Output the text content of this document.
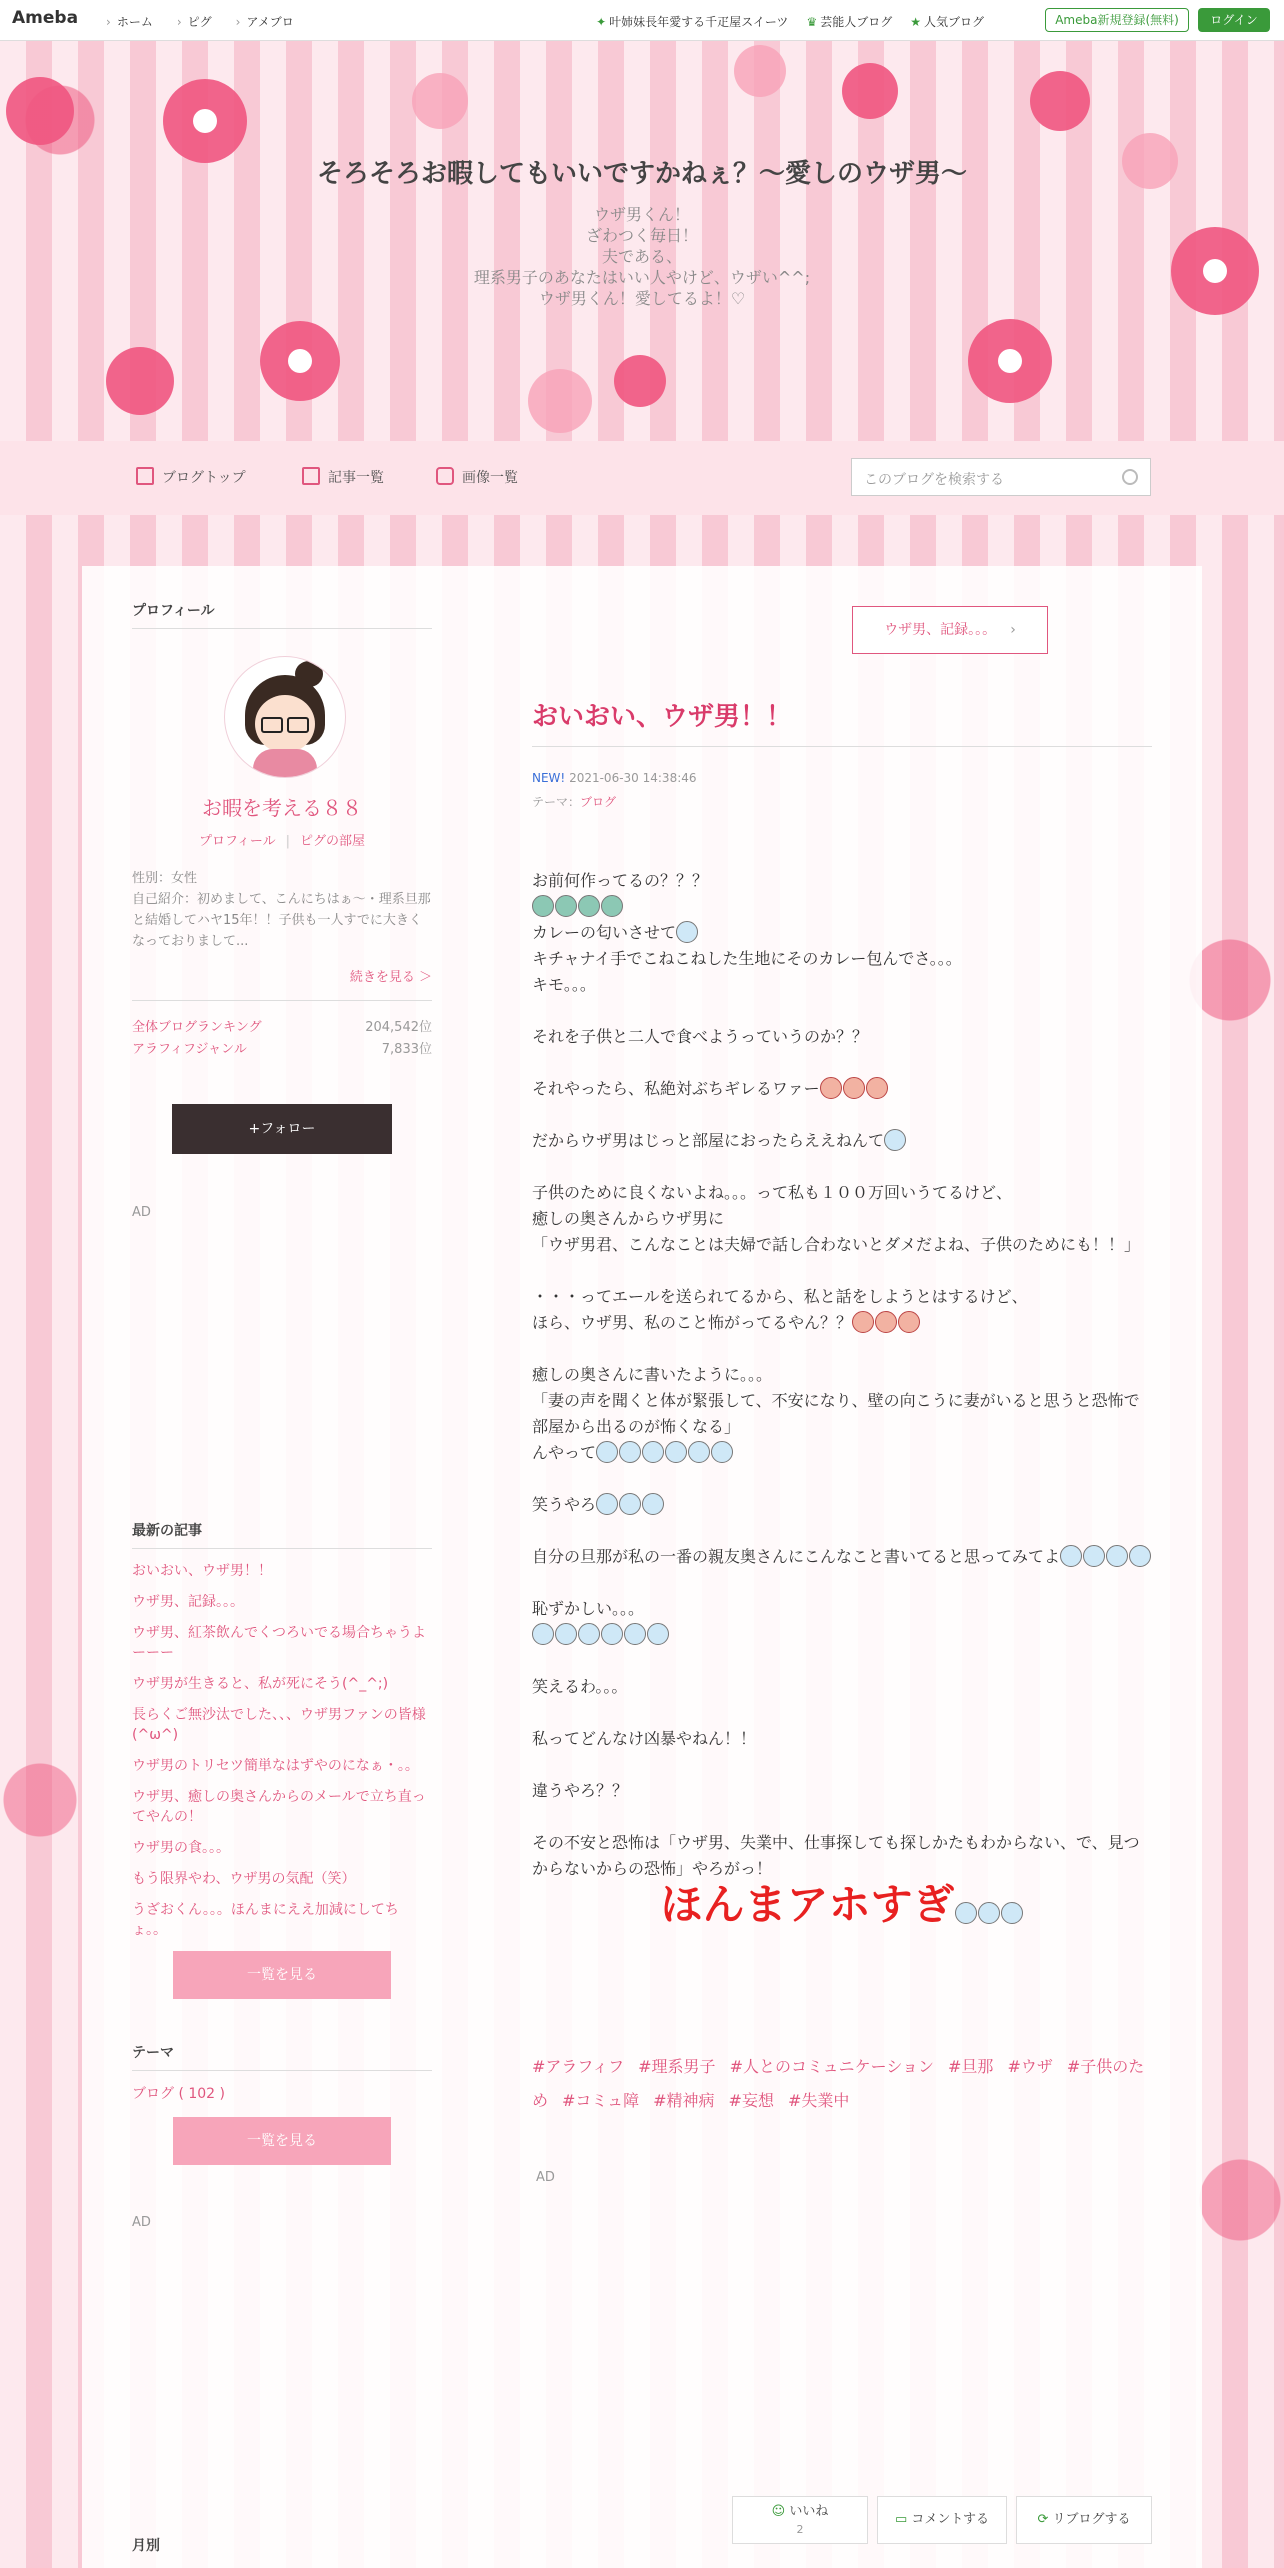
Ameba	› ホーム	› ピグ	› アメブロ	✦ 叶姉妹長年愛する千疋屋スイーツ ♛ 芸能人ブログ ★ 人気ブログ	Ameba新規登録(無料)	ログイン
そろそろお暇してもいいですかねぇ？〜愛しのウザ男〜
ウザ男くん！
ざわつく毎日！
夫である、
理系男子のあなたはいい人やけど、ウザい^^;
ウザ男くん！愛してるよ！♡
ブログトップ	記事一覧	画像一覧	このブログを検索する
プロフィール
お暇を考える８８
プロフィール | ピグの部屋
性別：女性
自己紹介：初めまして、こんにちはぁ〜・理系旦那と結婚してハヤ15年！！子供も一人すでに大きくなっておりまして...
続きを見る ＞
全体ブログランキング	204,542位
アラフィフジャンル	7,833位
+フォロー
AD
最新の記事
おいおい、ウザ男！！
ウザ男、記録。。。
ウザ男、紅茶飲んでくつろいでる場合ちゃうよーーー
ウザ男が生きると、私が死にそう(^_^;)
長らくご無沙汰でした、、、ウザ男ファンの皆様(^ω^)
ウザ男のトリセツ簡単なはずやのになぁ・。。
ウザ男、癒しの奥さんからのメールで立ち直ってやんの！
ウザ男の食。。。
もう限界やわ、ウザ男の気配（笑）
うざおくん。。。ほんまにええ加減にしてちょ。。
一覧を見る
テーマ
ブログ ( 102 )
一覧を見る
AD
月別
ウザ男、記録。。。 ›
おいおい、ウザ男！！
NEW! 2021-06-30 14:38:46
テーマ：ブログ

お前何作ってるの？？？

カレーの匂いさせて

キチャナイ手でこねこねした生地にそのカレー包んでさ。。。

キモ。。。

それを子供と二人で食べようっていうのか？？

それやったら、私絶対ぶちギレるワァー

だからウザ男はじっと部屋におったらええねんて

子供のために良くないよね。。。って私も１００万回いうてるけど、

癒しの奥さんからウザ男に

「ウザ男君、こんなことは夫婦で話し合わないとダメだよね、子供のためにも！！」

・・・ってエールを送られてるから、私と話をしようとはするけど、

ほら、ウザ男、私のこと怖がってるやん？？

癒しの奥さんに書いたように。。。

「妻の声を聞くと体が緊張して、不安になり、壁の向こうに妻がいると思うと恐怖で部屋から出るのが怖くなる」

んやって

笑うやろ

自分の旦那が私の一番の親友奥さんにこんなこと書いてると思ってみてよ

恥ずかしい。。。

笑えるわ。。。

私ってどんなけ凶暴やねん！！

違うやろ？？

その不安と恐怖は「ウザ男、失業中、仕事探しても探しかたもわからない、で、見つからないからの恐怖」やろがっ！

ほんまアホすぎ
#アラフィフ #理系男子 #人とのコミュニケーション #旦那 #ウザ #子供のため #コミュ障 #精神病 #妄想 #失業中
AD
☺ いいね
2
▭ コメントする	⟳ リブログする
